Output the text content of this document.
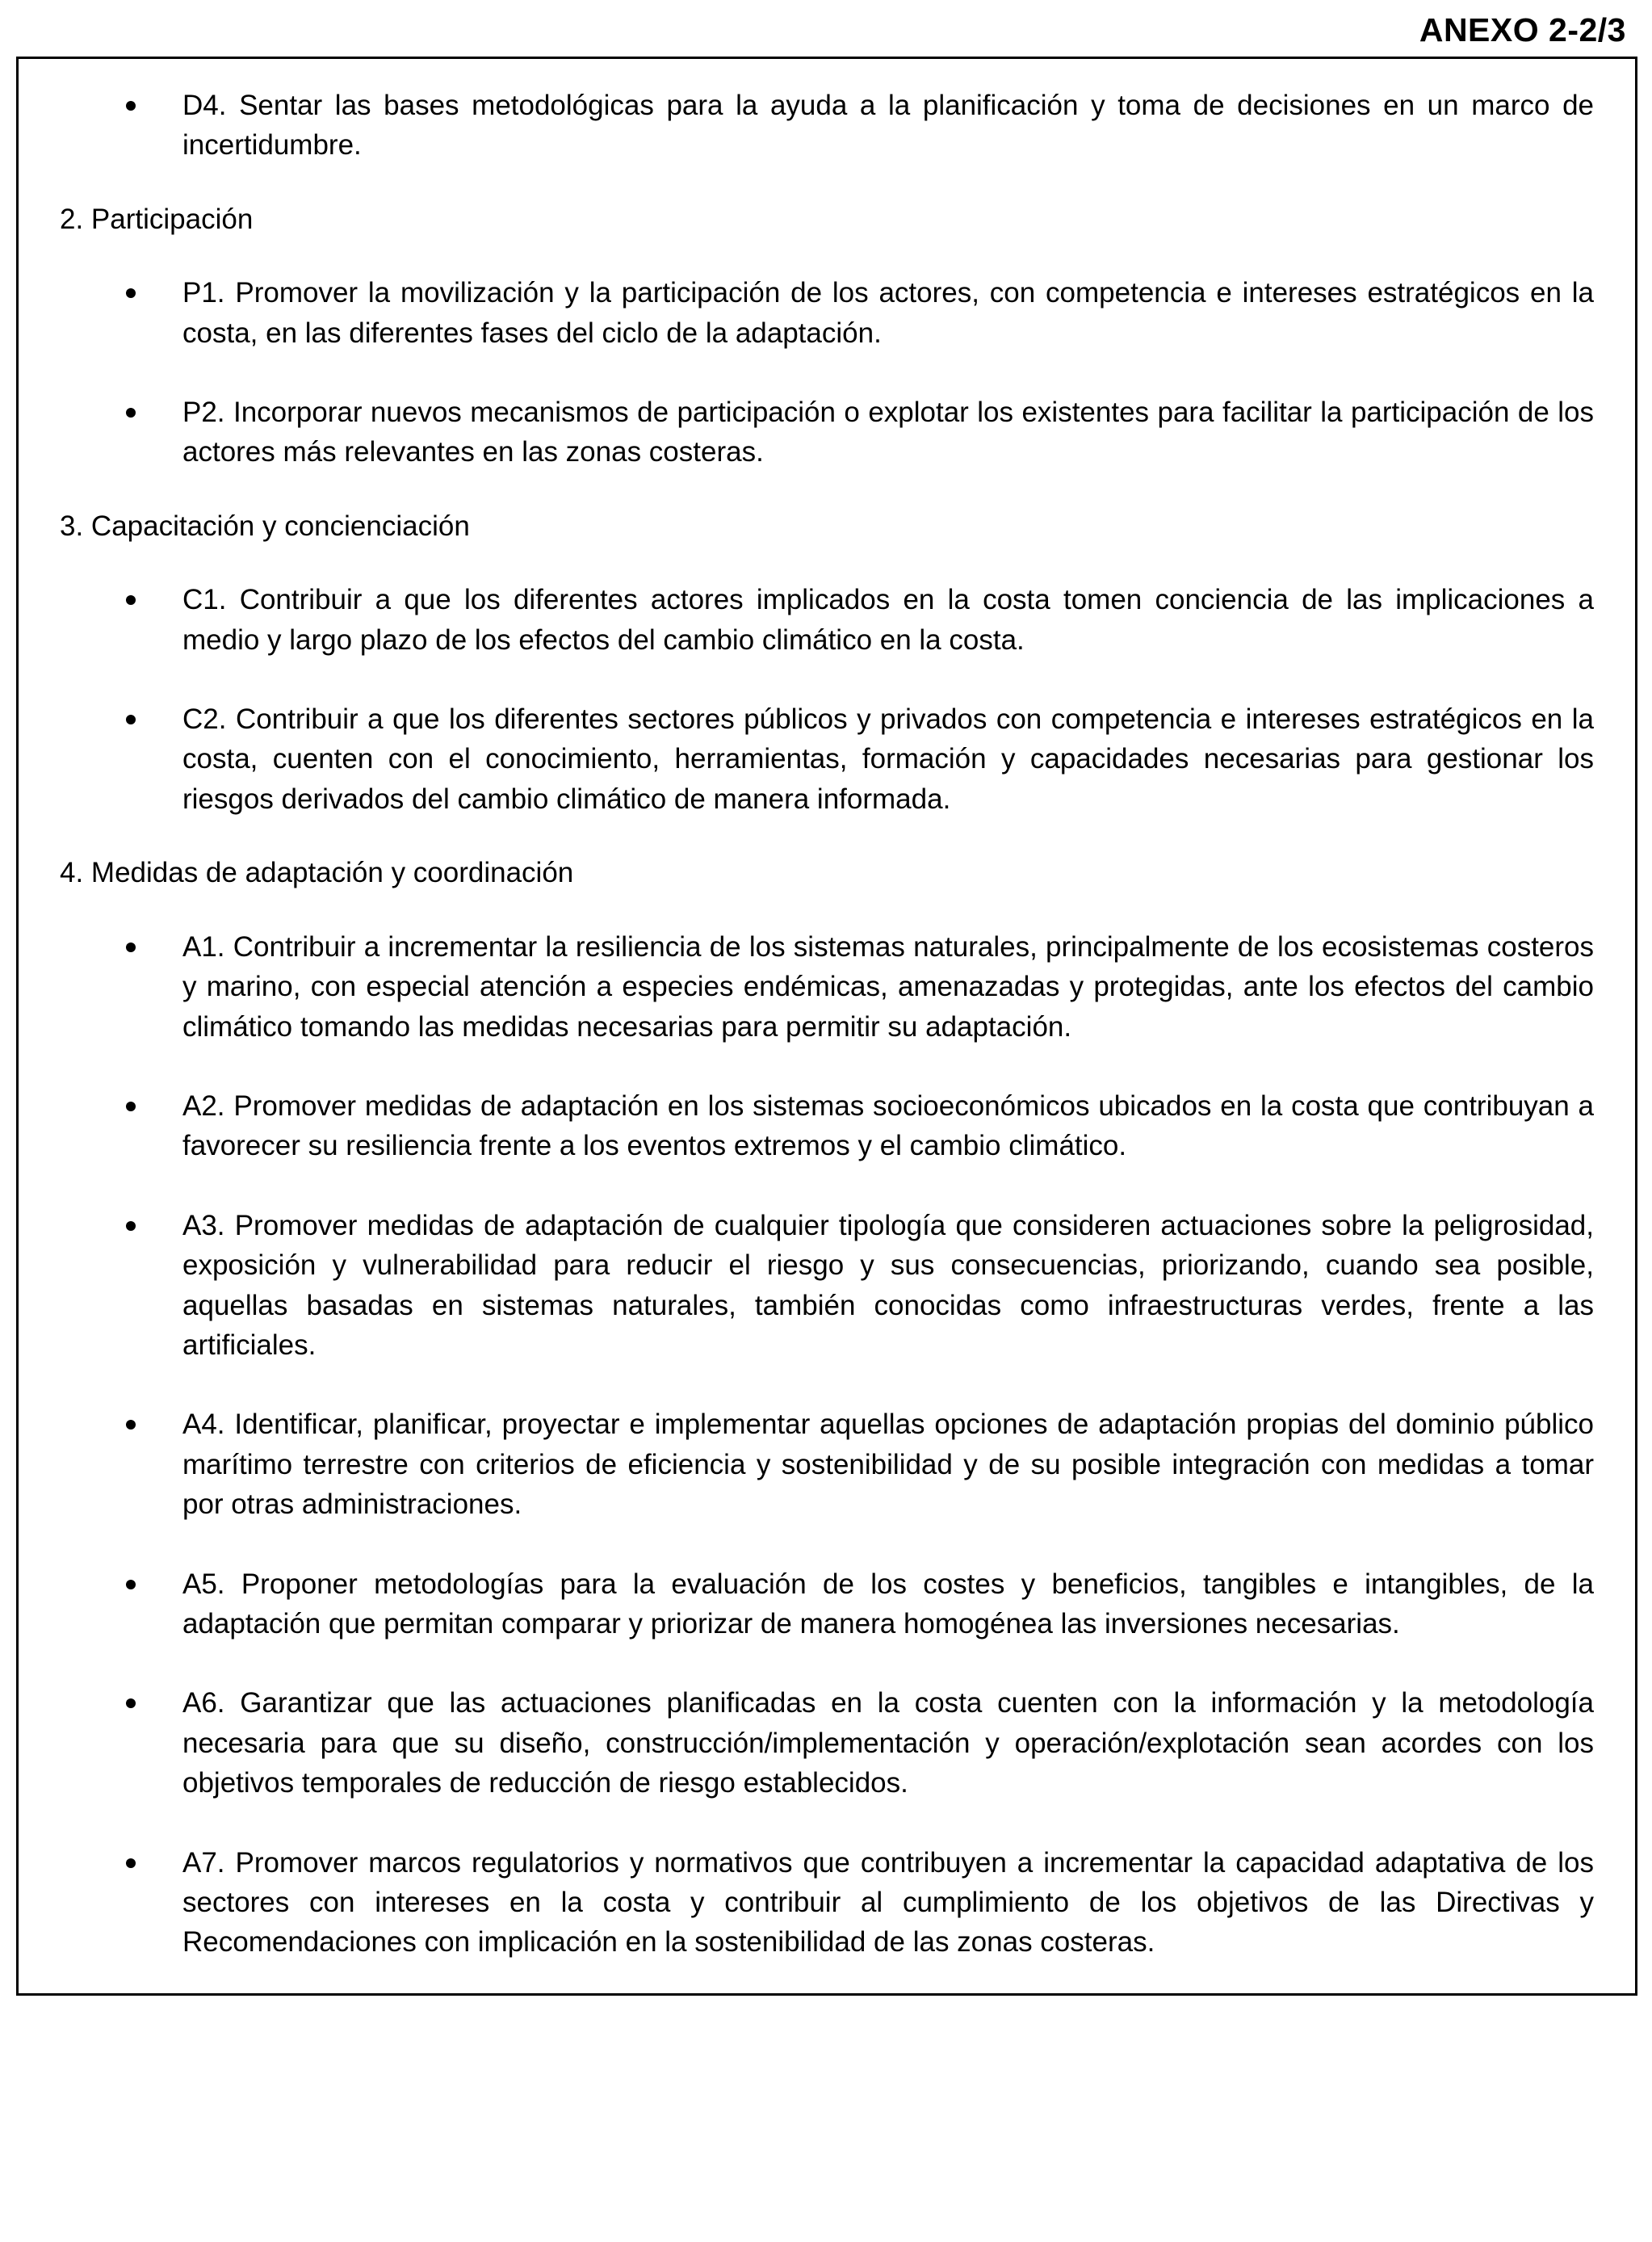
ANEXO 2-2/3
D4. Sentar las bases metodológicas para la ayuda a la planificación y toma de decisiones en un marco de incertidumbre.
2. Participación
P1. Promover la movilización y la participación de los actores, con competencia e intereses estratégicos en la costa, en las diferentes fases del ciclo de la adaptación.
P2. Incorporar nuevos mecanismos de participación o explotar los existentes para facilitar la participación de los actores más relevantes en las zonas costeras.
3. Capacitación y concienciación
C1. Contribuir a que los diferentes actores implicados en la costa tomen conciencia de las implicaciones a medio y largo plazo de los efectos del cambio climático en la costa.
C2. Contribuir a que los diferentes sectores públicos y privados con competencia e intereses estratégicos en la costa, cuenten con el conocimiento, herramientas, formación y capacidades necesarias para gestionar los riesgos derivados del cambio climático de manera informada.
4. Medidas de adaptación y coordinación
A1. Contribuir a incrementar la resiliencia de los sistemas naturales, principalmente de los ecosistemas costeros y marino, con especial atención a especies endémicas, amenazadas y protegidas, ante los efectos del cambio climático tomando las medidas necesarias para permitir su adaptación.
A2. Promover medidas de adaptación en los sistemas socioeconómicos ubicados en la costa que contribuyan a favorecer su resiliencia frente a los eventos extremos y el cambio climático.
A3. Promover medidas de adaptación de cualquier tipología que consideren actuaciones sobre la peligrosidad, exposición y vulnerabilidad para reducir el riesgo y sus consecuencias, priorizando, cuando sea posible, aquellas basadas en sistemas naturales, también conocidas como infraestructuras verdes, frente a las artificiales.
A4. Identificar, planificar, proyectar e implementar aquellas opciones de adaptación propias del dominio público marítimo terrestre con criterios de eficiencia y sostenibilidad y de su posible integración con medidas a tomar por otras administraciones.
A5. Proponer metodologías para la evaluación de los costes y beneficios, tangibles e intangibles, de la adaptación que permitan comparar y priorizar de manera homogénea las inversiones necesarias.
A6. Garantizar que las actuaciones planificadas en la costa cuenten con la información y la metodología necesaria para que su diseño, construcción/implementación y operación/explotación sean acordes con los objetivos temporales de reducción de riesgo establecidos.
A7. Promover marcos regulatorios y normativos que contribuyen a incrementar la capacidad adaptativa de los sectores con intereses en la costa y contribuir al cumplimiento de los objetivos de las Directivas y Recomendaciones con implicación en la sostenibilidad de las zonas costeras.
